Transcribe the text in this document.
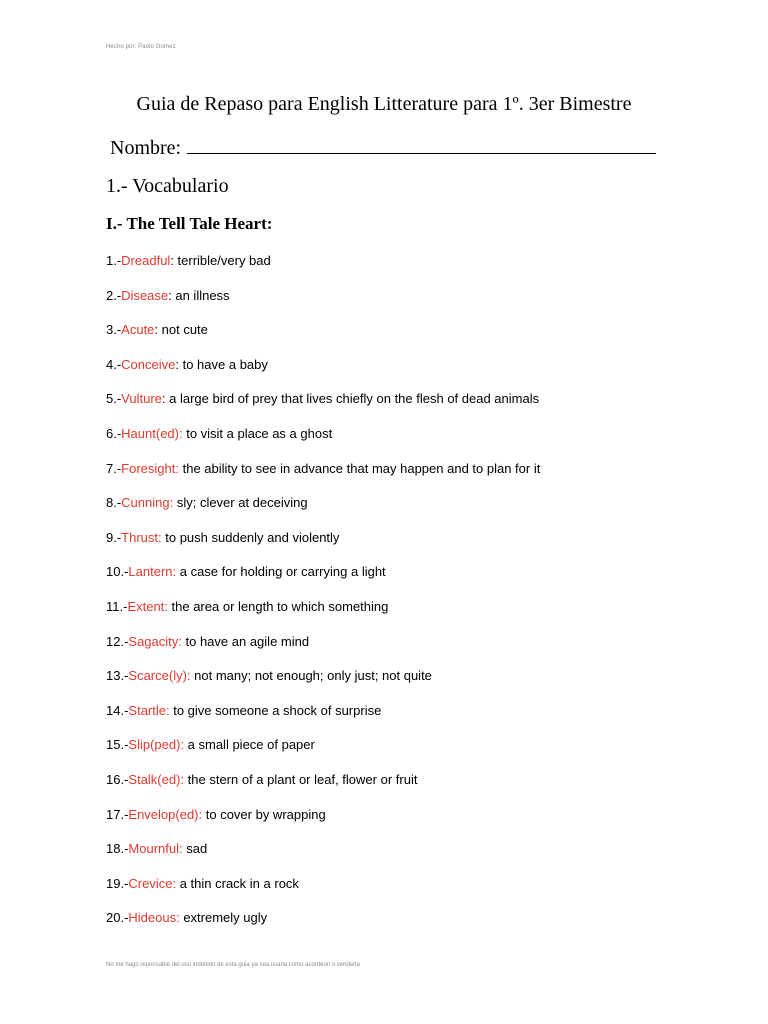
Hecho por: Paolo Gomez
Guia de Repaso para English Litterature para 1º. 3er Bimestre
Nombre:
1.- Vocabulario
I.- The Tell Tale Heart:
1.-Dreadful: terrible/very bad
2.-Disease: an illness
3.-Acute: not cute
4.-Conceive: to have a baby
5.-Vulture: a large bird of prey that lives chiefly on the flesh of dead animals
6.-Haunt(ed): to visit a place as a ghost
7.-Foresight: the ability to see in advance that may happen and to plan for it
8.-Cunning: sly; clever at deceiving
9.-Thrust: to push suddenly and violently
10.-Lantern: a case for holding or carrying a light
11.-Extent: the area or length to which something
12.-Sagacity: to have an agile mind
13.-Scarce(ly): not many; not enough; only just; not quite
14.-Startle: to give someone a shock of surprise
15.-Slip(ped): a small piece of paper
16.-Stalk(ed): the stern of a plant or leaf, flower or fruit
17.-Envelop(ed): to cover by wrapping
18.-Mournful: sad
19.-Crevice: a thin crack in a rock
20.-Hideous: extremely ugly
No me hago reponsable del uso indebido de esta guia ya sea usarla como acordeon o venderla
